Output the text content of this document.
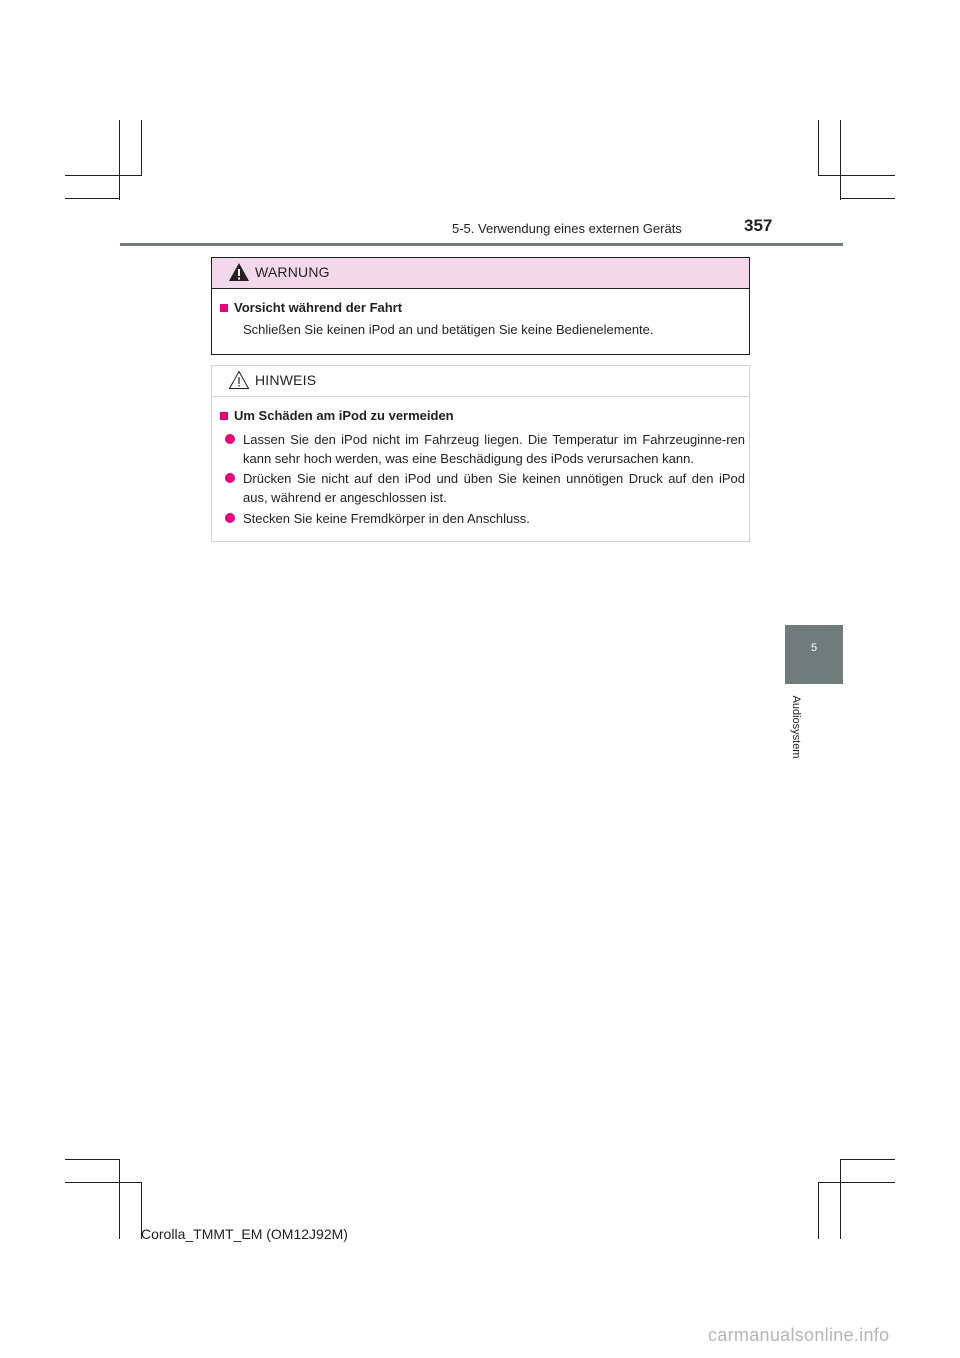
5-5. Verwendung eines externen Geräts	357
WARNUNG
Vorsicht während der Fahrt
Schließen Sie keinen iPod an und betätigen Sie keine Bedienelemente.
HINWEIS
Um Schäden am iPod zu vermeiden
Lassen Sie den iPod nicht im Fahrzeug liegen. Die Temperatur im Fahrzeuginne-ren kann sehr hoch werden, was eine Beschädigung des iPods verursachen kann.
Drücken Sie nicht auf den iPod und üben Sie keinen unnötigen Druck auf den iPod aus, während er angeschlossen ist.
Stecken Sie keine Fremdkörper in den Anschluss.
5
Audiosystem
Corolla_TMMT_EM (OM12J92M)
carmanualsonline.info
